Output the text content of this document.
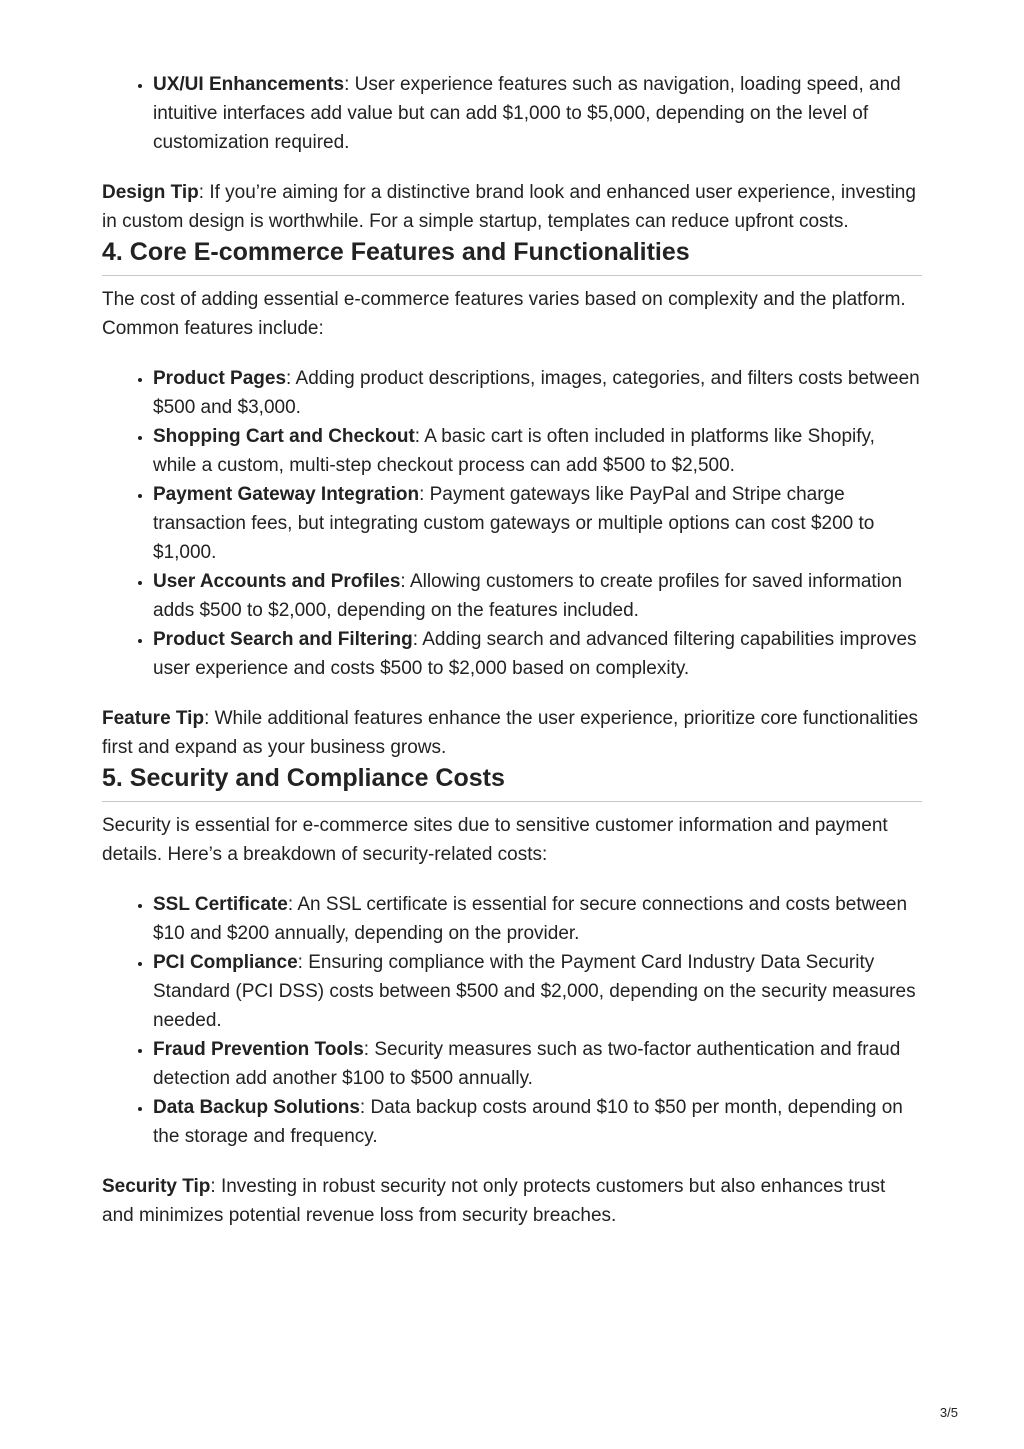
• UX/UI Enhancements: User experience features such as navigation, loading speed, and intuitive interfaces add value but can add $1,000 to $5,000, depending on the level of customization required.

Design Tip: If you’re aiming for a distinctive brand look and enhanced user experience, investing in custom design is worthwhile. For a simple startup, templates can reduce upfront costs.

4. Core E-commerce Features and Functionalities

The cost of adding essential e-commerce features varies based on complexity and the platform. Common features include:

• Product Pages: Adding product descriptions, images, categories, and filters costs between $500 and $3,000.
• Shopping Cart and Checkout: A basic cart is often included in platforms like Shopify, while a custom, multi-step checkout process can add $500 to $2,500.
• Payment Gateway Integration: Payment gateways like PayPal and Stripe charge transaction fees, but integrating custom gateways or multiple options can cost $200 to $1,000.
• User Accounts and Profiles: Allowing customers to create profiles for saved information adds $500 to $2,000, depending on the features included.
• Product Search and Filtering: Adding search and advanced filtering capabilities improves user experience and costs $500 to $2,000 based on complexity.

Feature Tip: While additional features enhance the user experience, prioritize core functionalities first and expand as your business grows.

5. Security and Compliance Costs

Security is essential for e-commerce sites due to sensitive customer information and payment details. Here’s a breakdown of security-related costs:

• SSL Certificate: An SSL certificate is essential for secure connections and costs between $10 and $200 annually, depending on the provider.
• PCI Compliance: Ensuring compliance with the Payment Card Industry Data Security Standard (PCI DSS) costs between $500 and $2,000, depending on the security measures needed.
• Fraud Prevention Tools: Security measures such as two-factor authentication and fraud detection add another $100 to $500 annually.
• Data Backup Solutions: Data backup costs around $10 to $50 per month, depending on the storage and frequency.

Security Tip: Investing in robust security not only protects customers but also enhances trust and minimizes potential revenue loss from security breaches.

3/5
